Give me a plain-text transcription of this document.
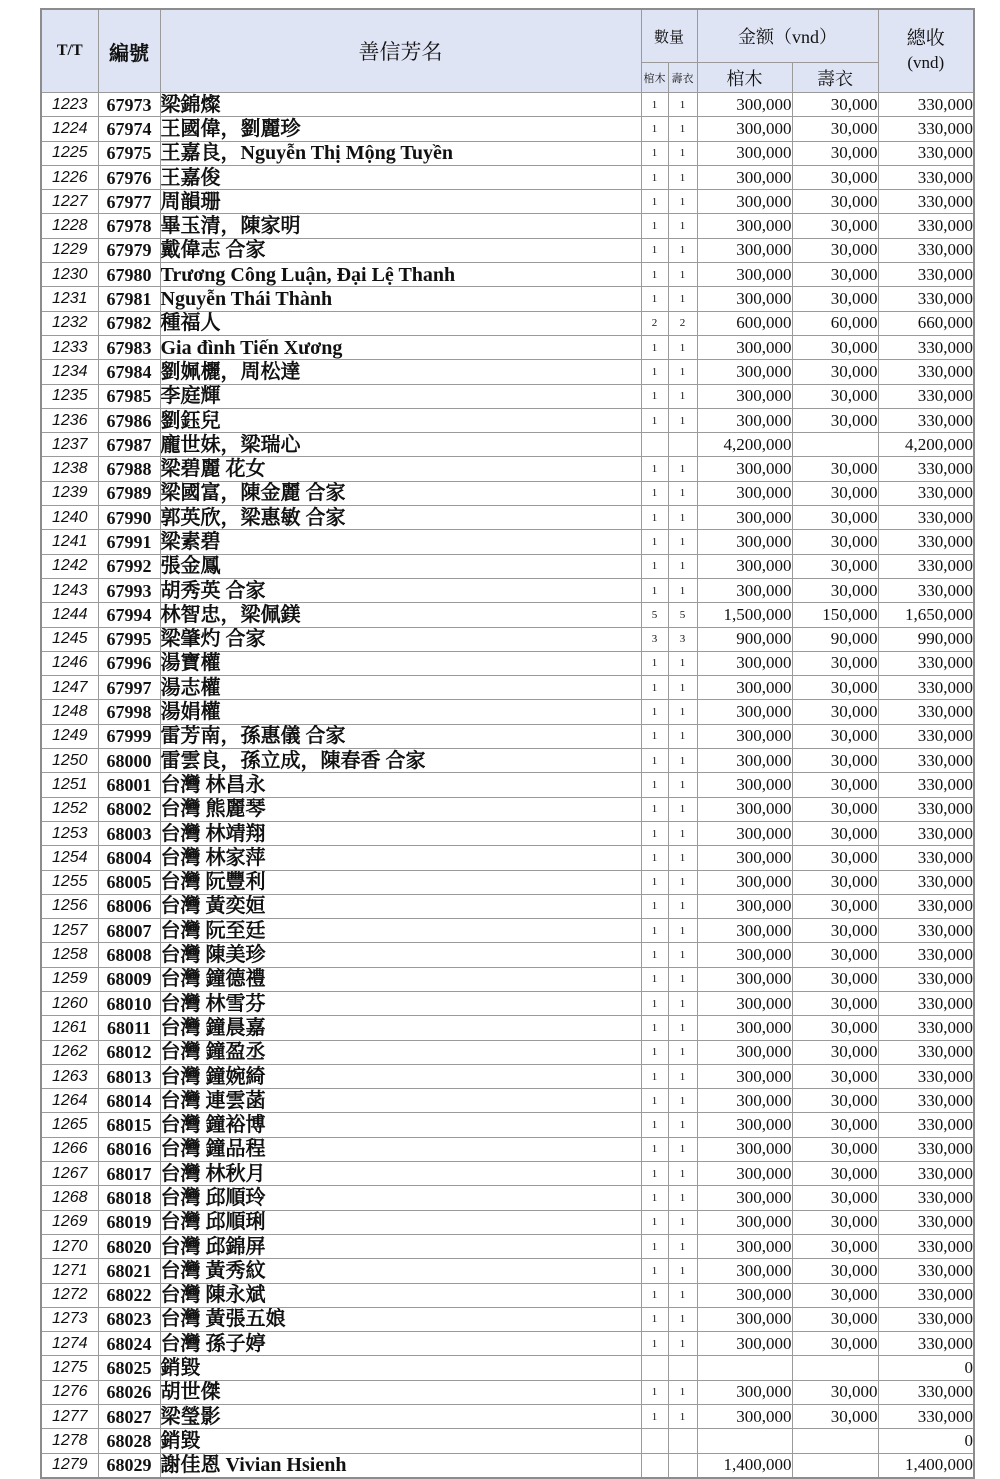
T/T	編號	善信芳名	數量		金额（vnd）		總收
(vnd)

			棺木	壽衣	棺木	壽衣	
1223	67973	梁錦燦	1	1	300,000	30,000	330,000
1224	67974	王國偉，劉麗珍	1	1	300,000	30,000	330,000
1225	67975	王嘉良，Nguyễn Thị Mộng Tuyền	1	1	300,000	30,000	330,000
1226	67976	王嘉俊	1	1	300,000	30,000	330,000
1227	67977	周韻珊	1	1	300,000	30,000	330,000
1228	67978	畢玉清，陳家明	1	1	300,000	30,000	330,000
1229	67979	戴偉志 合家	1	1	300,000	30,000	330,000
1230	67980	Trương Công Luận, Đại Lệ Thanh	1	1	300,000	30,000	330,000
1231	67981	Nguyễn Thái Thành	1	1	300,000	30,000	330,000
1232	67982	種福人	2	2	600,000	60,000	660,000
1233	67983	Gia đình Tiến Xương	1	1	300,000	30,000	330,000
1234	67984	劉姵欐，周松達	1	1	300,000	30,000	330,000
1235	67985	李庭輝	1	1	300,000	30,000	330,000
1236	67986	劉鈺兒	1	1	300,000	30,000	330,000
1237	67987	龐世妹，梁瑞心			4,200,000		4,200,000
1238	67988	梁碧麗 花女	1	1	300,000	30,000	330,000
1239	67989	梁國富，陳金麗 合家	1	1	300,000	30,000	330,000
1240	67990	郭英欣，梁惠敏 合家	1	1	300,000	30,000	330,000
1241	67991	梁素碧	1	1	300,000	30,000	330,000
1242	67992	張金鳳	1	1	300,000	30,000	330,000
1243	67993	胡秀英 合家	1	1	300,000	30,000	330,000
1244	67994	林智忠，梁佩鎂	5	5	1,500,000	150,000	1,650,000
1245	67995	梁肇灼 合家	3	3	900,000	90,000	990,000
1246	67996	湯寶權	1	1	300,000	30,000	330,000
1247	67997	湯志權	1	1	300,000	30,000	330,000
1248	67998	湯娟權	1	1	300,000	30,000	330,000
1249	67999	雷芳南，孫惠儀 合家	1	1	300,000	30,000	330,000
1250	68000	雷雲良，孫立成，陳春香 合家	1	1	300,000	30,000	330,000
1251	68001	台灣 林昌永	1	1	300,000	30,000	330,000
1252	68002	台灣 熊麗琴	1	1	300,000	30,000	330,000
1253	68003	台灣 林靖翔	1	1	300,000	30,000	330,000
1254	68004	台灣 林家萍	1	1	300,000	30,000	330,000
1255	68005	台灣 阮豐利	1	1	300,000	30,000	330,000
1256	68006	台灣 黃奕姮	1	1	300,000	30,000	330,000
1257	68007	台灣 阮至廷	1	1	300,000	30,000	330,000
1258	68008	台灣 陳美珍	1	1	300,000	30,000	330,000
1259	68009	台灣 鐘德禮	1	1	300,000	30,000	330,000
1260	68010	台灣 林雪芬	1	1	300,000	30,000	330,000
1261	68011	台灣 鐘晨嘉	1	1	300,000	30,000	330,000
1262	68012	台灣 鐘盈丞	1	1	300,000	30,000	330,000
1263	68013	台灣 鐘婉綺	1	1	300,000	30,000	330,000
1264	68014	台灣 連雲菡	1	1	300,000	30,000	330,000
1265	68015	台灣 鐘裕博	1	1	300,000	30,000	330,000
1266	68016	台灣 鐘品程	1	1	300,000	30,000	330,000
1267	68017	台灣 林秋月	1	1	300,000	30,000	330,000
1268	68018	台灣 邱順玲	1	1	300,000	30,000	330,000
1269	68019	台灣 邱順琍	1	1	300,000	30,000	330,000
1270	68020	台灣 邱錦屏	1	1	300,000	30,000	330,000
1271	68021	台灣 黃秀紋	1	1	300,000	30,000	330,000
1272	68022	台灣 陳永斌	1	1	300,000	30,000	330,000
1273	68023	台灣 黃張五娘	1	1	300,000	30,000	330,000
1274	68024	台灣 孫子婷	1	1	300,000	30,000	330,000
1275	68025	銷毀					0
1276	68026	胡世傑	1	1	300,000	30,000	330,000
1277	68027	梁瑩影	1	1	300,000	30,000	330,000
1278	68028	銷毀					0
1279	68029	謝佳恩 Vivian Hsienh			1,400,000		1,400,000
